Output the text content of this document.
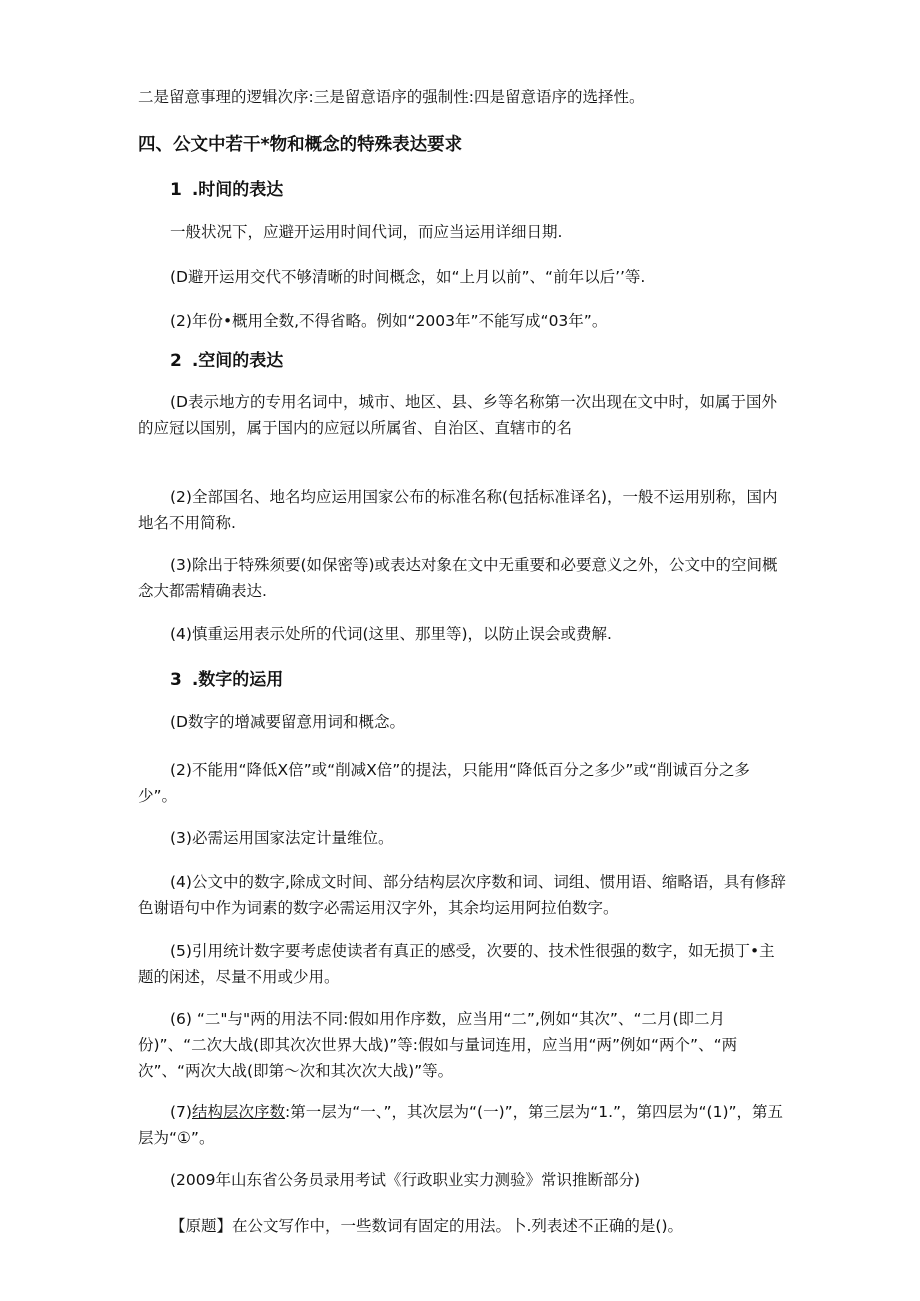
二是留意事理的逻辑次序:三是留意语序的强制性:四是留意语序的选择性。
四、公文中若干*物和概念的特殊表达要求
1 .时间的表达
一般状况下，应避开运用时间代词，而应当运用详细日期.
(D避开运用交代不够清晰的时间概念，如“上月以前”、“前年以后’’等.
(2)年份•概用全数,不得省略。例如“2003年”不能写成“03年”。
2 .空间的表达
(D表示地方的专用名词中，城市、地区、县、乡等名称第一次出现在文中时，如属于国外的应冠以国别，属于国内的应冠以所属省、自治区、直辖市的名
(2)全部国名、地名均应运用国家公布的标准名称(包括标准译名)，一般不运用别称，国内地名不用简称.
(3)除出于特殊须要(如保密等)或表达对象在文中无重要和必要意义之外，公文中的空间概念大都需精确表达.
(4)慎重运用表示处所的代词(这里、那里等)，以防止误会或费解.
3 .数字的运用
(D数字的增减要留意用词和概念。
(2)不能用“降低X倍”或“削减X倍”的提法，只能用“降低百分之多少”或“削诚百分之多少”。
(3)必需运用国家法定计量维位。
(4)公文中的数字,除成文时间、部分结构层次序数和词、词组、惯用语、缩略语，具有修辞色谢语句中作为词素的数字必需运用汉字外，其余均运用阿拉伯数字。
(5)引用统计数字要考虑使读者有真正的感受，次要的、技术性很强的数字，如无损丁•主题的闲述，尽量不用或少用。
(6) “二"与"两的用法不同:假如用作序数，应当用“二”,例如“其次”、“二月(即二月份)”、“二次大战(即其次次世界大战)”等:假如与量词连用，应当用“两”例如“两个”、“两次”、“两次大战(即第～次和其次次大战)”等。
(7)结构层次序数:第一层为“一、”，其次层为“(一)”，第三层为“1.”，第四层为“(1)”，第五层为“①”。
(2009年山东省公务员录用考试《行政职业实力测验》常识推断部分)
【原题】在公文写作中，一些数词有固定的用法。卜.列表述不正确的是()。
